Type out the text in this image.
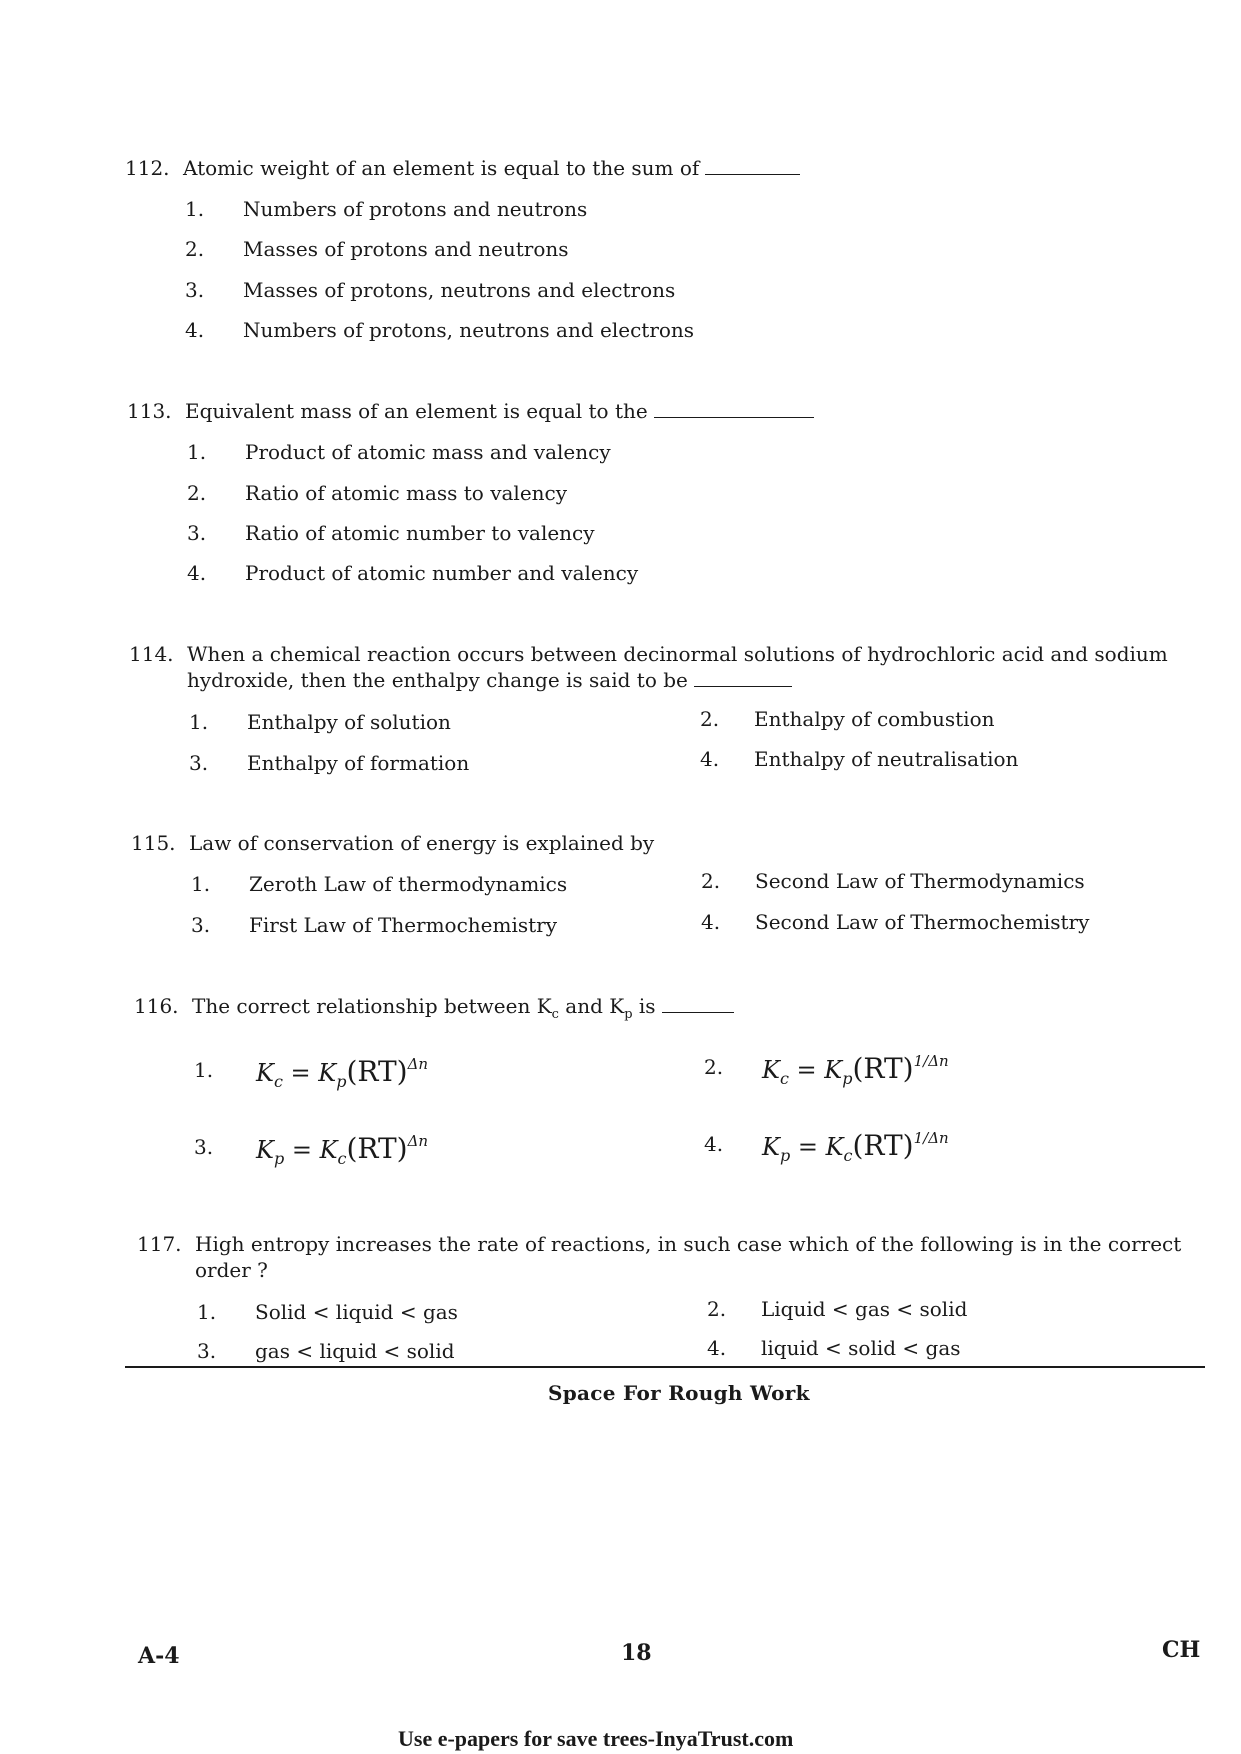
112. Atomic weight of an element is equal to the sum of
1.	Numbers of protons and neutrons
2.	Masses of protons and neutrons
3.	Masses of protons, neutrons and electrons
4.	Numbers of protons, neutrons and electrons
113. Equivalent mass of an element is equal to the
1.	Product of atomic mass and valency
2.	Ratio of atomic mass to valency
3.	Ratio of atomic number to valency
4.	Product of atomic number and valency
114. When a chemical reaction occurs between decinormal solutions of hydrochloric acid and sodium
hydroxide, then the enthalpy change is said to be
1.	Enthalpy of solution	2.	Enthalpy of combustion
3.	Enthalpy of formation	4.	Enthalpy of neutralisation
115. Law of conservation of energy is explained by
1.	Zeroth Law of thermodynamics	2.	Second Law of Thermodynamics
3.	First Law of Thermochemistry	4.	Second Law of Thermochemistry
116. The correct relationship between $K_c$ and $K_p$ is
1.	$K_c = K_p(RT)^{\Delta n}$	2.	$K_c = K_p(RT)^{1/\Delta n}$
3.	$K_p = K_c(RT)^{\Delta n}$	4.	$K_p = K_c(RT)^{1/\Delta n}$
117. High entropy increases the rate of reactions, in such case which of the following is in the correct
order ?
1.	Solid < liquid < gas	2.	Liquid < gas < solid
3.	gas < liquid < solid	4.	liquid < solid < gas
Space For Rough Work
A-4	18	CH
Use e-papers for save trees-InyaTrust.com
